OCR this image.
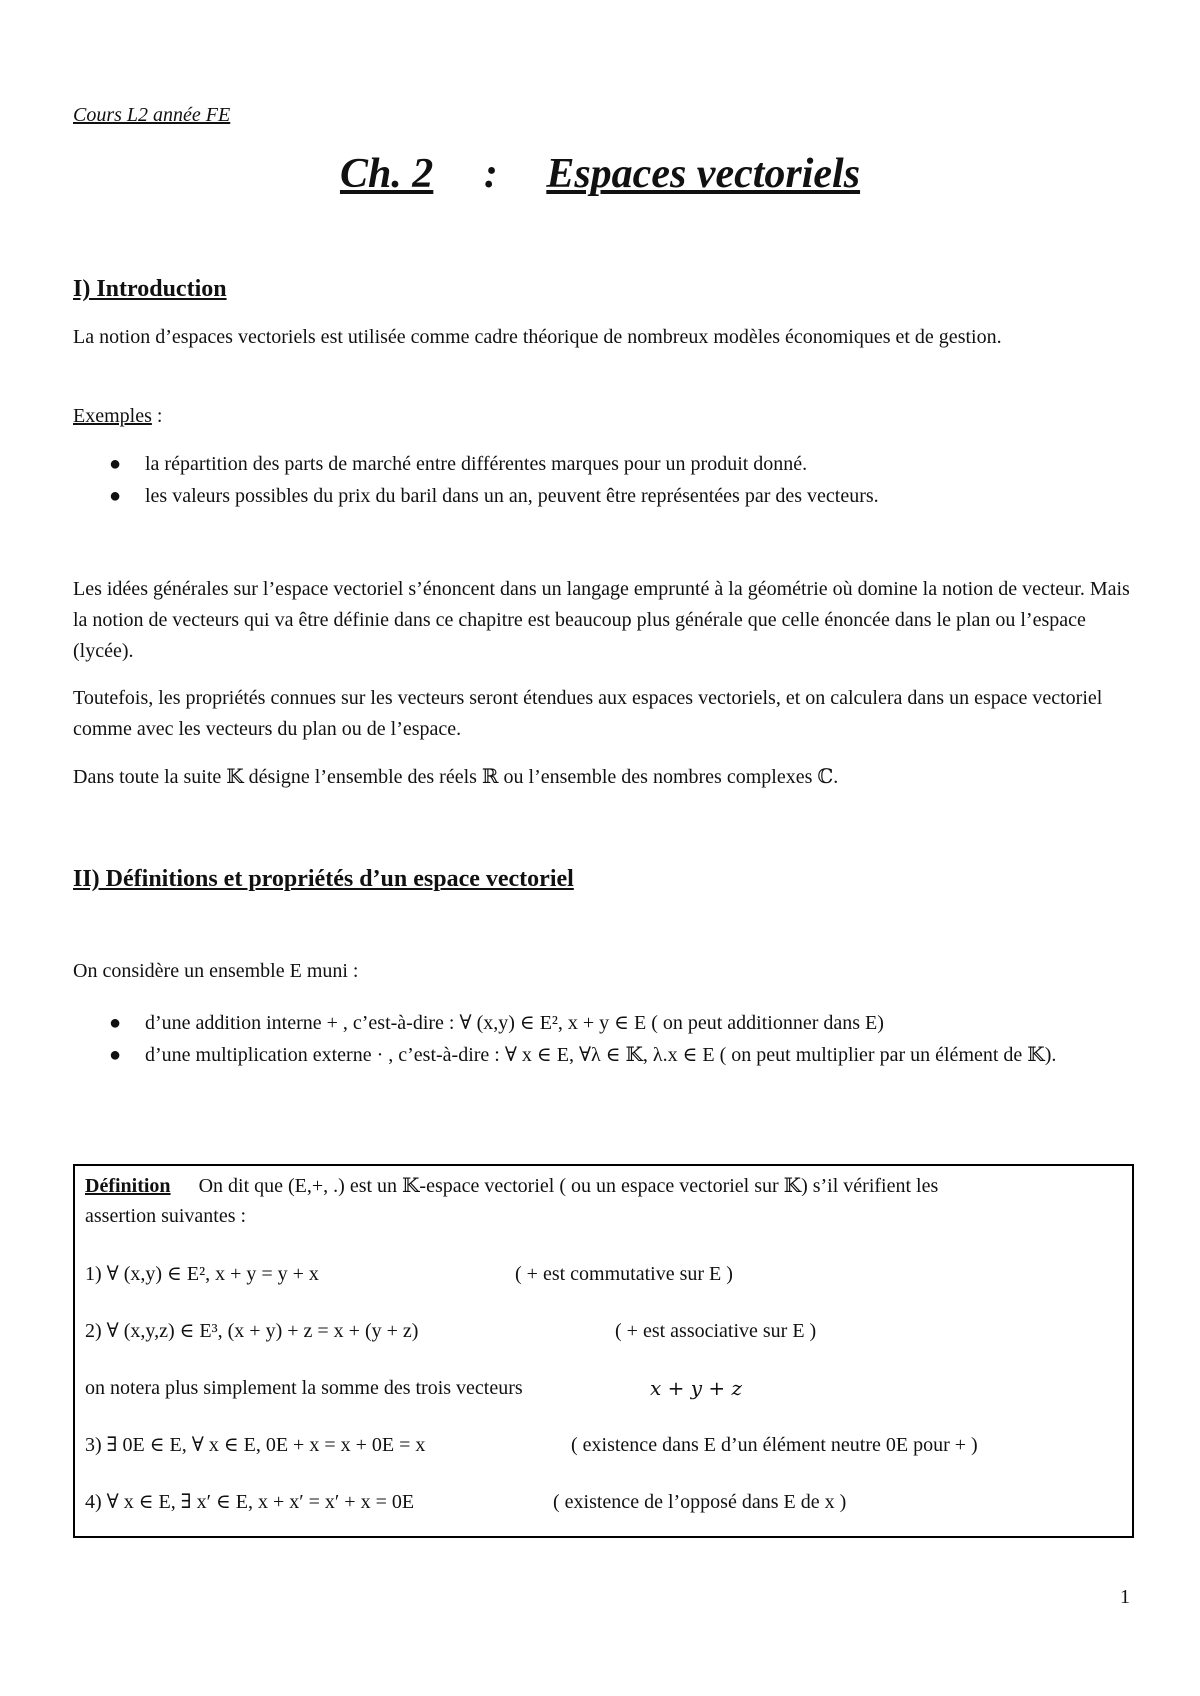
Cours L2 année FE
Ch. 2 : Espaces vectoriels
I) Introduction
La notion d’espaces vectoriels est utilisée comme cadre théorique de nombreux modèles économiques et de gestion.
Exemples :
● la répartition des parts de marché entre différentes marques pour un produit donné.
● les valeurs possibles du prix du baril dans un an, peuvent être représentées par des vecteurs.
Les idées générales sur l’espace vectoriel s’énoncent dans un langage emprunté à la géométrie où domine la notion de vecteur. Mais la notion de vecteurs qui va être définie dans ce chapitre est beaucoup plus générale que celle énoncée dans le plan ou l’espace (lycée).
Toutefois, les propriétés connues sur les vecteurs seront étendues aux espaces vectoriels, et on calculera dans un espace vectoriel comme avec les vecteurs du plan ou de l’espace.
Dans toute la suite 𝕂 désigne l’ensemble des réels ℝ ou l’ensemble des nombres complexes ℂ.
II) Définitions et propriétés d’un espace vectoriel
On considère un ensemble E muni :
● d’une addition interne + , c’est-à-dire : ∀ (x,y) ∈ E², x + y ∈ E ( on peut additionner dans E)
● d’une multiplication externe · , c’est-à-dire : ∀ x ∈ E, ∀λ ∈ 𝕂, λ.x ∈ E ( on peut multiplier par un élément de 𝕂).
Définition On dit que (E,+, .) est un 𝕂-espace vectoriel ( ou un espace vectoriel sur 𝕂) s’il vérifient les
assertion suivantes :
1) ∀ (x,y) ∈ E², x + y = y + x	( + est commutative sur E )
2) ∀ (x,y,z) ∈ E³, (x + y) + z = x + (y + z)	( + est associative sur E )
on notera plus simplement la somme des trois vecteurs	x + y + z
3) ∃ 0E ∈ E, ∀ x ∈ E, 0E + x = x + 0E = x	( existence dans E d’un élément neutre 0E pour + )
4) ∀ x ∈ E, ∃ x′ ∈ E, x + x′ = x′ + x = 0E	( existence de l’opposé dans E de x )
1
